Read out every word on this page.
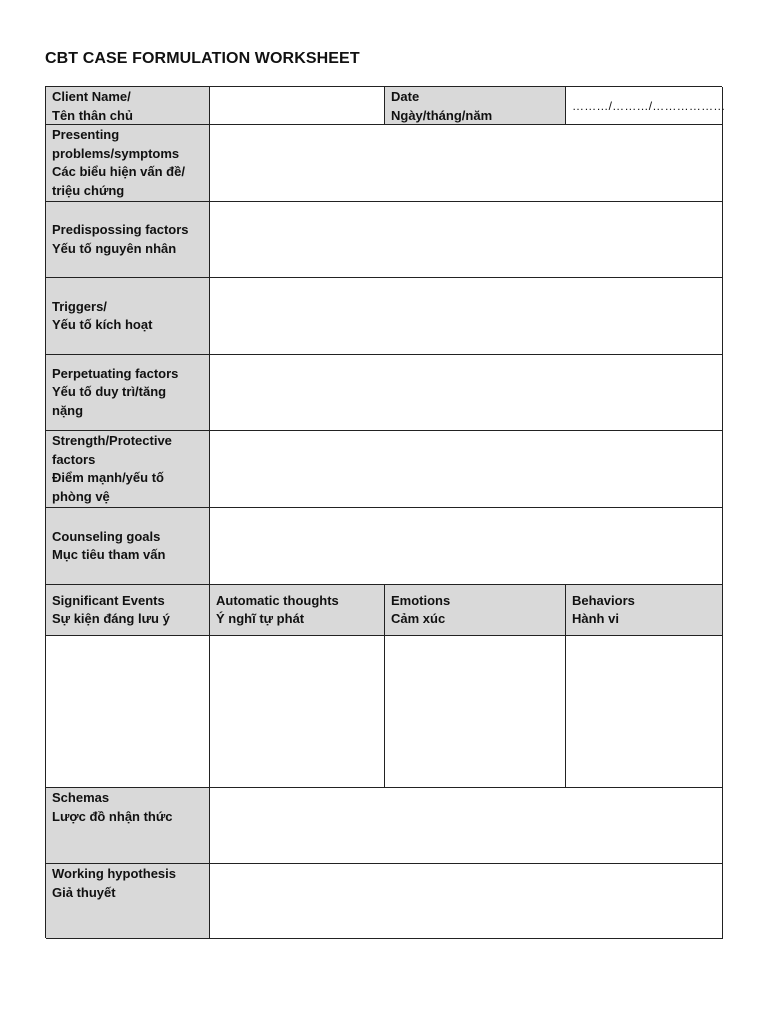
CBT CASE FORMULATION WORKSHEET
Client Name/
Tên thân chủ
Date
Ngày/tháng/năm
………/………/………………
Presenting
problems/symptoms
Các biểu hiện vấn đề/
triệu chứng
Predispossing factors
Yếu tố nguyên nhân
Triggers/
Yếu tố kích hoạt
Perpetuating factors
Yếu tố duy trì/tăng
nặng
Strength/Protective
factors
Điểm mạnh/yếu tố
phòng vệ
Counseling goals
Mục tiêu tham vấn
Significant Events
Sự kiện đáng lưu ý
Automatic thoughts
Ý nghĩ tự phát
Emotions
Cảm xúc
Behaviors
Hành vi
Schemas
Lược đồ nhận thức
Working hypothesis
Giả thuyết
